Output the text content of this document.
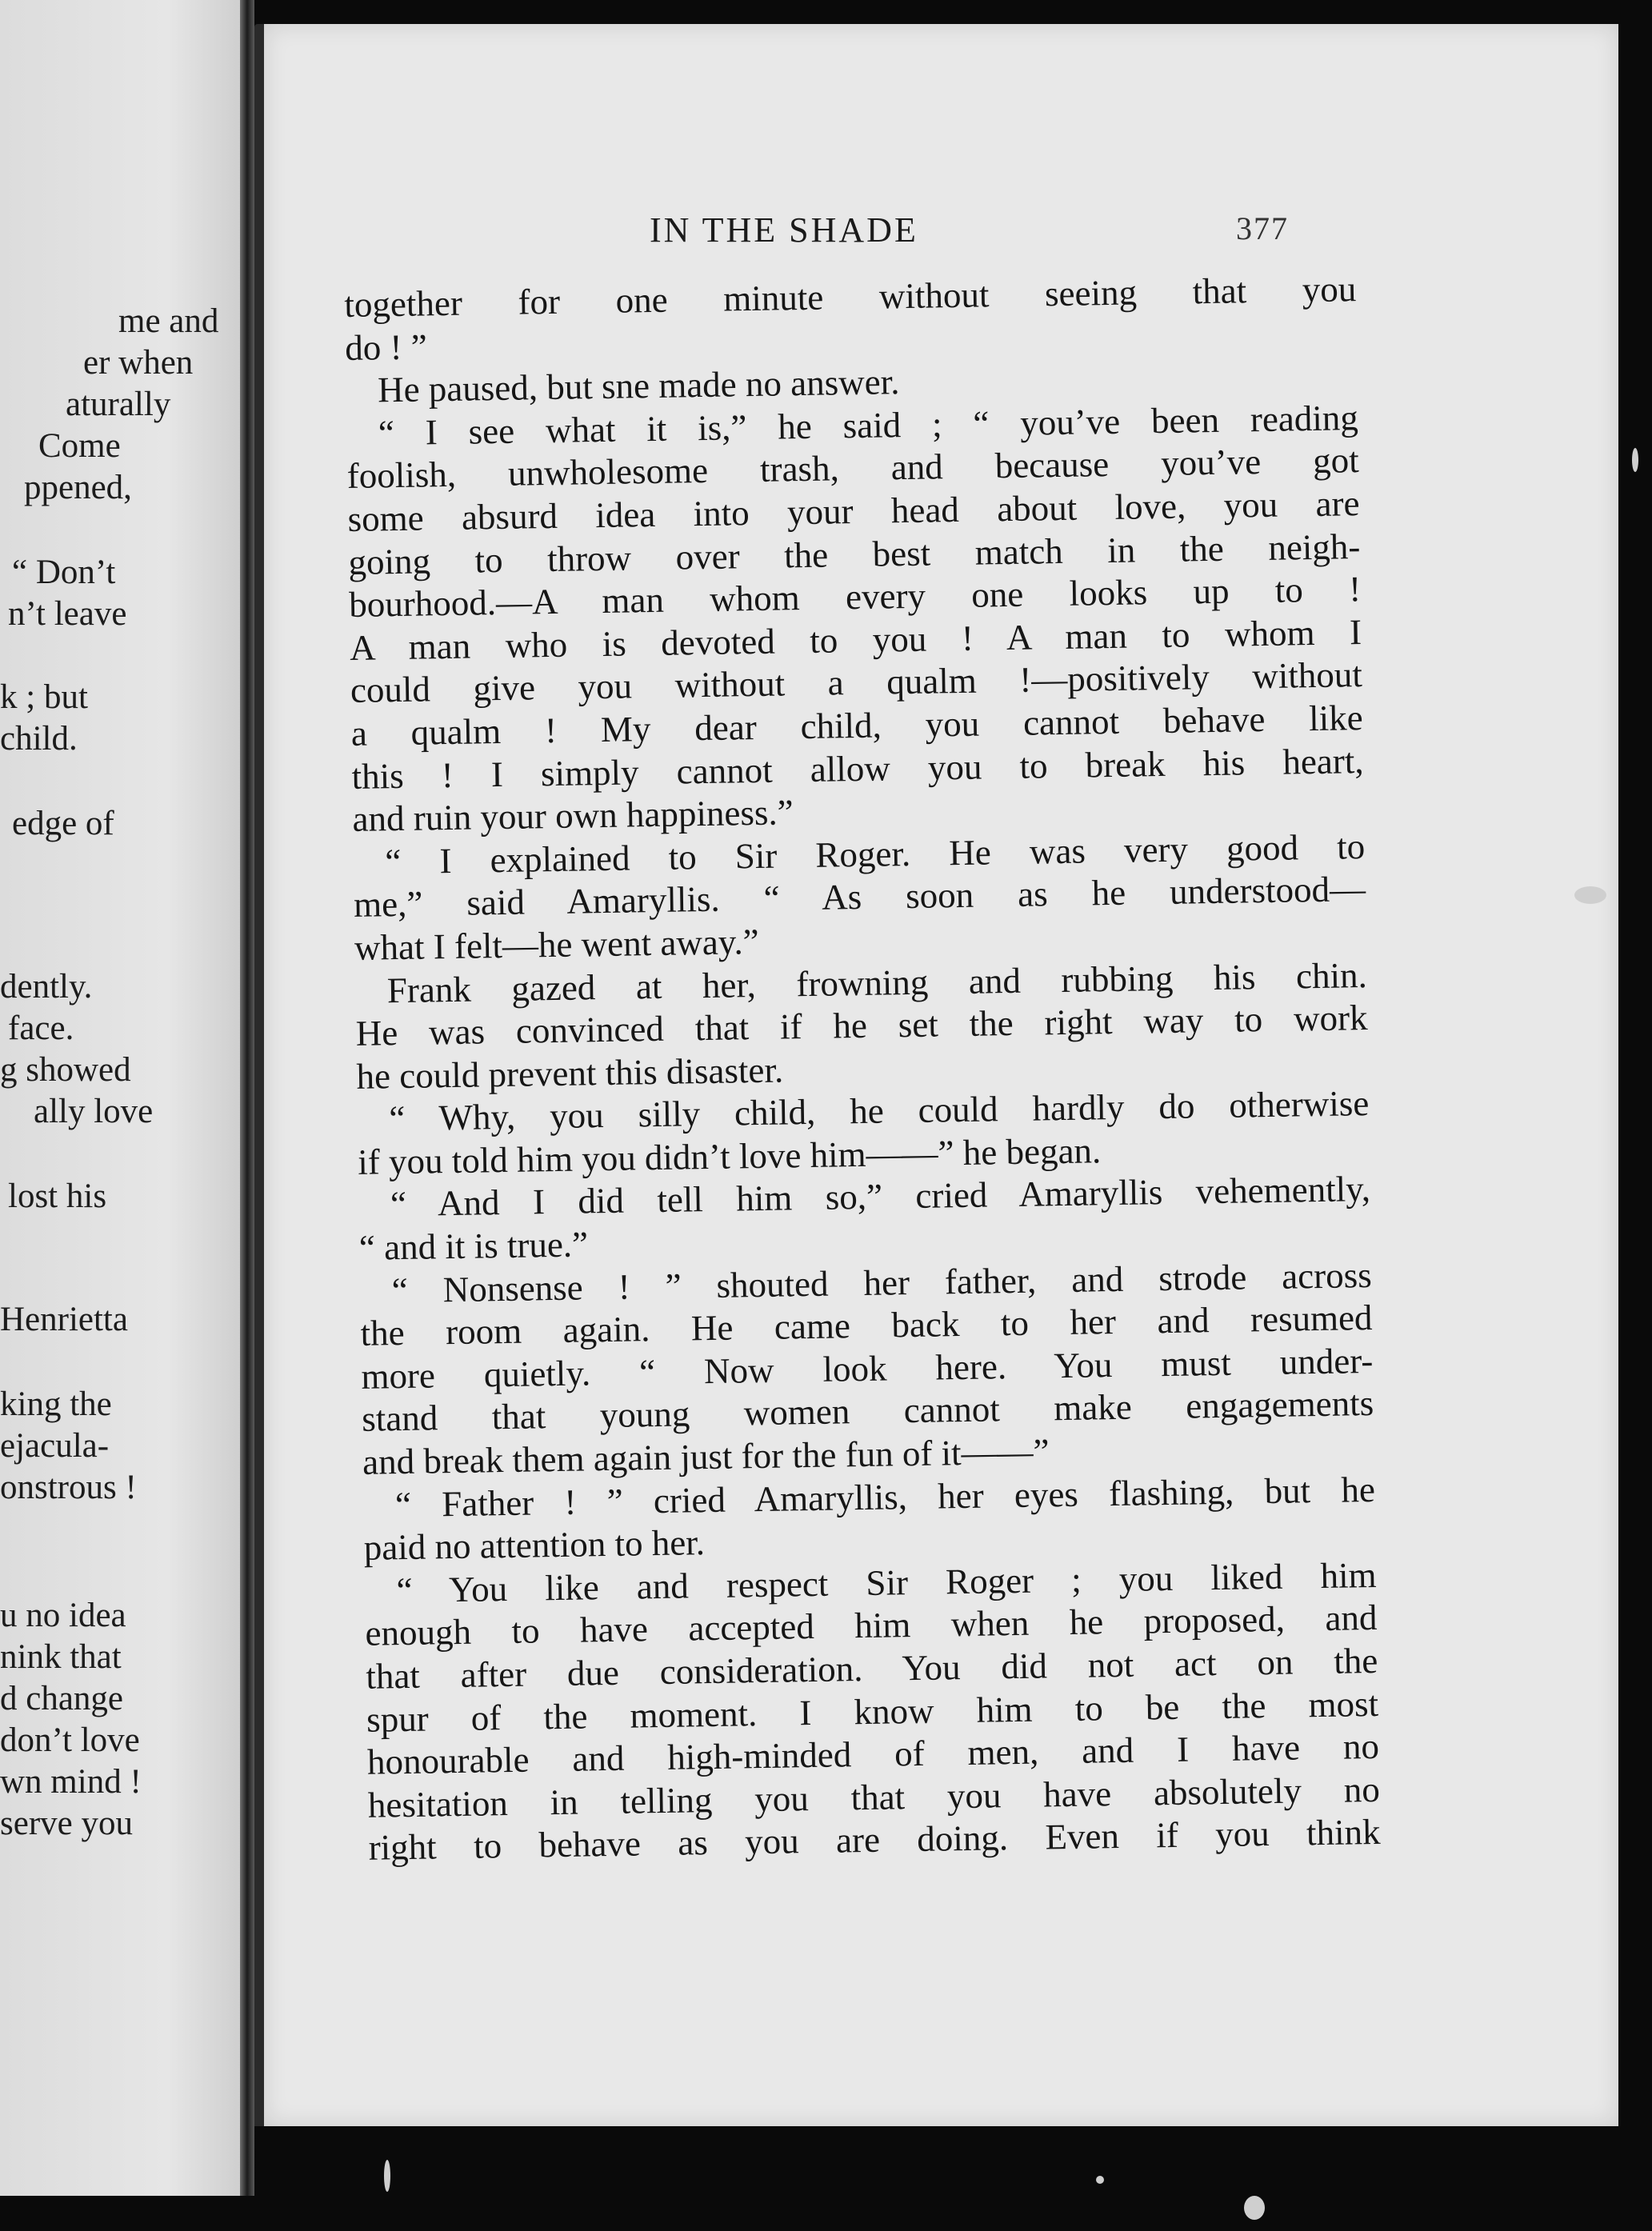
me and
er when
aturally
Come
ppened,
“ Don’t
n’t leave
k ; but
child.
edge of
dently.
face.
g showed
ally love
lost his
Henrietta
king the
ejacula-
onstrous !
u no idea
nink that
d change
don’t love
wn mind !
serve you
IN THE SHADE	377
together for one minute without seeing that you
do ! ”
He paused, but sne made no answer.
“ I see what it is,” he said ; “ you’ve been reading
foolish, unwholesome trash, and because you’ve got
some absurd idea into your head about love, you are
going to throw over the best match in the neigh-
bourhood.—A man whom every one looks up to !
A man who is devoted to you ! A man to whom I
could give you without a qualm !—positively without
a qualm ! My dear child, you cannot behave like
this ! I simply cannot allow you to break his heart,
and ruin your own happiness.”
“ I explained to Sir Roger. He was very good to
me,” said Amaryllis. “ As soon as he understood—
what I felt—he went away.”
Frank gazed at her, frowning and rubbing his chin.
He was convinced that if he set the right way to work
he could prevent this disaster.
“ Why, you silly child, he could hardly do otherwise
if you told him you didn’t love him——” he began.
“ And I did tell him so,” cried Amaryllis vehemently,
“ and it is true.”
“ Nonsense ! ” shouted her father, and strode across
the room again. He came back to her and resumed
more quietly. “ Now look here. You must under-
stand that young women cannot make engagements
and break them again just for the fun of it——”
“ Father ! ” cried Amaryllis, her eyes flashing, but he
paid no attention to her.
“ You like and respect Sir Roger ; you liked him
enough to have accepted him when he proposed, and
that after due consideration. You did not act on the
spur of the moment. I know him to be the most
honourable and high-minded of men, and I have no
hesitation in telling you that you have absolutely no
right to behave as you are doing. Even if you think
